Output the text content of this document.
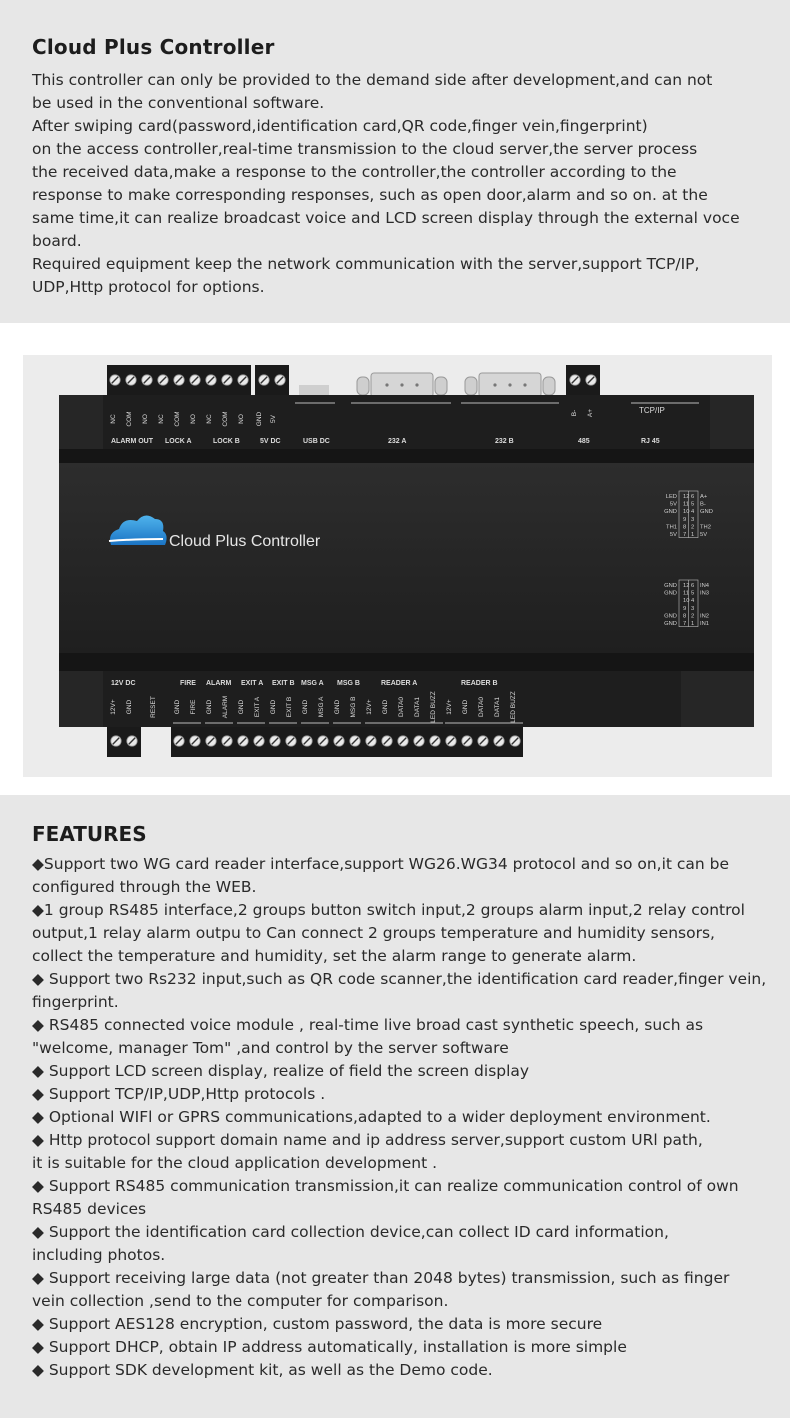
Cloud Plus Controller
This controller can only be provided to the demand side after development,and can not
be used in the conventional software.
After swiping card(password,identification card,QR code,finger vein,fingerprint)
on the access controller,real-time transmission to the cloud server,the server process
the received data,make a response to the controller,the controller according to the
response to make corresponding responses, such as open door,alarm and so on. at the
same time,it can realize broadcast voice and LCD screen display through the external voce
board.
Required equipment keep the network communication with the server,support TCP/IP,
UDP,Http protocol for options.
Cloud Plus Controller
NC COM NO NC COM NO NC COM NO GND 5V
ALARM OUT LOCK A	LOCK B	5V DC	USB DC	232 A	232 B	485	RJ 45
B- A+	TCP/IP
12V DC	FIRE ALARM EXIT A EXIT B MSG A MSG B	READER A	READER B
12V+ GND	RESET	GND FIRE GND ALARM GND EXIT A GND EXIT B GND MSG A GND MSG B 12V+ GND DATA0 DATA1 LED BUZZ 12V+ GND DATA0 DATA1 LED BUZZ
LED 12 6 A+
5V 11 5 B-
GND 10 4 GND
9 3
TH1 8 2 TH2
5V 7 1 5V
GND 12 6 IN4
GND 11 5 IN3
10 4
9 3
GND 8 2 IN2
GND 7 1 IN1
FEATURES
◆Support two WG card reader interface,support WG26.WG34 protocol and so on,it can be
configured through the WEB.
◆1 group RS485 interface,2 groups button switch input,2 groups alarm input,2 relay control
output,1 relay alarm outpu to Can connect 2 groups temperature and humidity sensors,
collect the temperature and humidity, set the alarm range to generate alarm.
◆ Support two Rs232 input,such as QR code scanner,the identification card reader,finger vein,
fingerprint.
◆ RS485 connected voice module , real-time live broad cast synthetic speech, such as
"welcome, manager Tom" ,and control by the server software
◆ Support LCD screen display, realize of field the screen display
◆ Support TCP/IP,UDP,Http protocols .
◆ Optional WIFl or GPRS communications,adapted to a wider deployment environment.
◆ Http protocol support domain name and ip address server,support custom URl path,
it is suitable for the cloud application development .
◆ Support RS485 communication transmission,it can realize communication control of own
RS485 devices
◆ Support the identification card collection device,can collect ID card information,
including photos.
◆ Support receiving large data (not greater than 2048 bytes) transmission, such as finger
vein collection ,send to the computer for comparison.
◆ Support AES128 encryption, custom password, the data is more secure
◆ Support DHCP, obtain IP address automatically, installation is more simple
◆ Support SDK development kit, as well as the Demo code.
